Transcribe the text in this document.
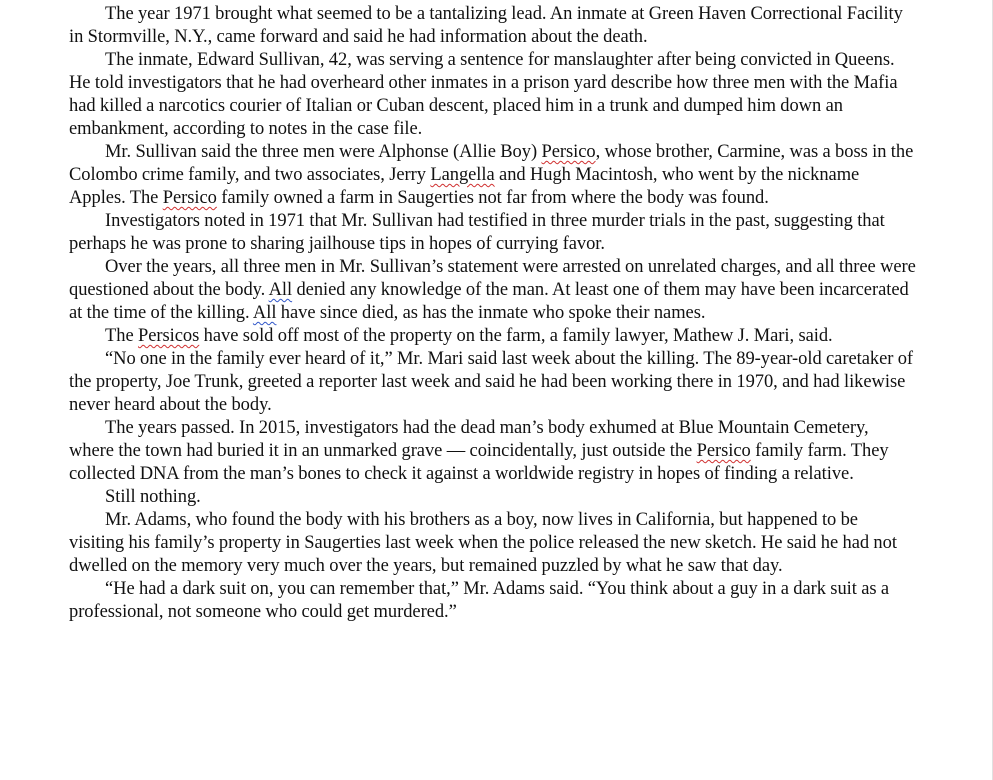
The year 1971 brought what seemed to be a tantalizing lead. An inmate at Green Haven Correctional Facility in Stormville, N.Y., came forward and said he had information about the death.

The inmate, Edward Sullivan, 42, was serving a sentence for manslaughter after being convicted in Queens. He told investigators that he had overheard other inmates in a prison yard describe how three men with the Mafia had killed a narcotics courier of Italian or Cuban descent, placed him in a trunk and dumped him down an embankment, according to notes in the case file.

Mr. Sullivan said the three men were Alphonse (Allie Boy) Persico, whose brother, Carmine, was a boss in the Colombo crime family, and two associates, Jerry Langella and Hugh Macintosh, who went by the nickname Apples. The Persico family owned a farm in Saugerties not far from where the body was found.

Investigators noted in 1971 that Mr. Sullivan had testified in three murder trials in the past, suggesting that perhaps he was prone to sharing jailhouse tips in hopes of currying favor.

Over the years, all three men in Mr. Sullivan’s statement were arrested on unrelated charges, and all three were questioned about the body. All denied any knowledge of the man. At least one of them may have been incarcerated at the time of the killing. All have since died, as has the inmate who spoke their names.

The Persicos have sold off most of the property on the farm, a family lawyer, Mathew J. Mari, said.

“No one in the family ever heard of it,” Mr. Mari said last week about the killing. The 89-year-old caretaker of the property, Joe Trunk, greeted a reporter last week and said he had been working there in 1970, and had likewise never heard about the body.

The years passed. In 2015, investigators had the dead man’s body exhumed at Blue Mountain Cemetery, where the town had buried it in an unmarked grave — coincidentally, just outside the Persico family farm. They collected DNA from the man’s bones to check it against a worldwide registry in hopes of finding a relative.

Still nothing.

Mr. Adams, who found the body with his brothers as a boy, now lives in California, but happened to be visiting his family’s property in Saugerties last week when the police released the new sketch. He said he had not dwelled on the memory very much over the years, but remained puzzled by what he saw that day.

“He had a dark suit on, you can remember that,” Mr. Adams said. “You think about a guy in a dark suit as a professional, not someone who could get murdered.”
